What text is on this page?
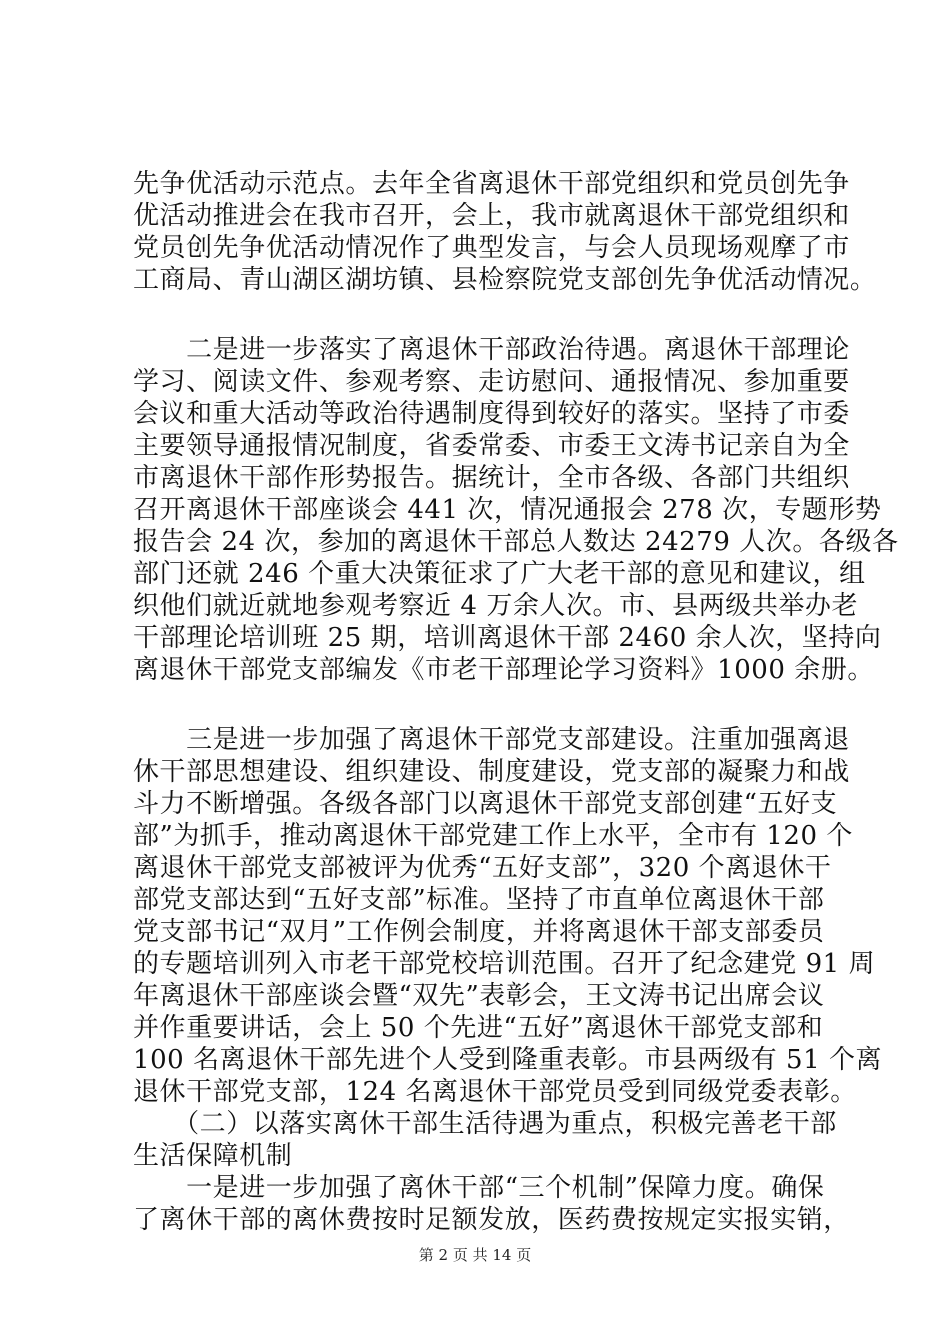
先争优活动示范点。去年全省离退休干部党组织和党员创先争
优活动推进会在我市召开，会上，我市就离退休干部党组织和
党员创先争优活动情况作了典型发言，与会人员现场观摩了市
工商局、青山湖区湖坊镇、县检察院党支部创先争优活动情况。
　　二是进一步落实了离退休干部政治待遇。离退休干部理论
学习、阅读文件、参观考察、走访慰问、通报情况、参加重要
会议和重大活动等政治待遇制度得到较好的落实。坚持了市委
主要领导通报情况制度，省委常委、市委王文涛书记亲自为全
市离退休干部作形势报告。据统计，全市各级、各部门共组织
召开离退休干部座谈会 441 次，情况通报会 278 次，专题形势
报告会 24 次，参加的离退休干部总人数达 24279 人次。各级各
部门还就 246 个重大决策征求了广大老干部的意见和建议，组
织他们就近就地参观考察近 4 万余人次。市、县两级共举办老
干部理论培训班 25 期，培训离退休干部 2460 余人次，坚持向
离退休干部党支部编发《市老干部理论学习资料》1000 余册。
　　三是进一步加强了离退休干部党支部建设。注重加强离退
休干部思想建设、组织建设、制度建设，党支部的凝聚力和战
斗力不断增强。各级各部门以离退休干部党支部创建“五好支
部”为抓手，推动离退休干部党建工作上水平，全市有 120 个
离退休干部党支部被评为优秀“五好支部”，320 个离退休干
部党支部达到“五好支部”标准。坚持了市直单位离退休干部
党支部书记“双月”工作例会制度，并将离退休干部支部委员
的专题培训列入市老干部党校培训范围。召开了纪念建党 91 周
年离退休干部座谈会暨“双先”表彰会，王文涛书记出席会议
并作重要讲话，会上 50 个先进“五好”离退休干部党支部和
100 名离退休干部先进个人受到隆重表彰。市县两级有 51 个离
退休干部党支部，124 名离退休干部党员受到同级党委表彰。
　　（二）以落实离休干部生活待遇为重点，积极完善老干部
生活保障机制
　　一是进一步加强了离休干部“三个机制”保障力度。确保
了离休干部的离休费按时足额发放，医药费按规定实报实销，
第 2 页 共 14 页
